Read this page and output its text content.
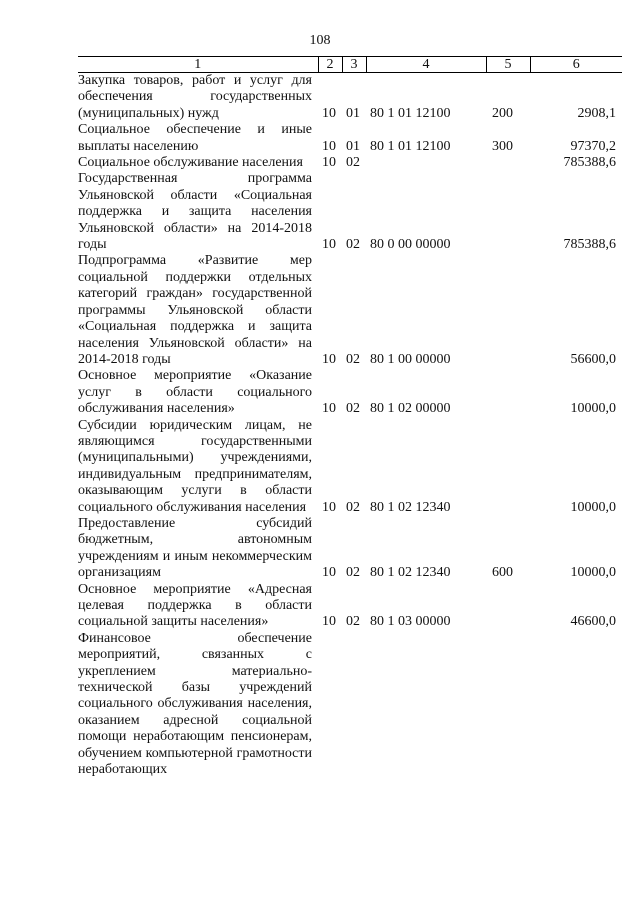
108
1	2	3	4	5	6
Закупка товаров, работ и услуг для обеспечения государственных (муниципальных) нужд	10	01	80 1 01 12100	200	2908,1
Социальное обеспечение и иные выплаты населению	10	01	80 1 01 12100	300	97370,2
Социальное обслуживание населения	10	02			785388,6
Государственная программа Ульяновской области «Социальная поддержка и защита населения Ульяновской области» на 2014-2018 годы	10	02	80 0 00 00000		785388,6
Подпрограмма «Развитие мер социальной поддержки отдельных категорий граждан» государственной программы Ульяновской области «Социальная поддержка и защита населения Ульяновской области» на 2014-2018 годы	10	02	80 1 00 00000		56600,0
Основное мероприятие «Оказание услуг в области социального обслуживания населения»	10	02	80 1 02 00000		10000,0
Субсидии юридическим лицам, не являющимся государственными (муниципальными) учреждениями, индивидуальным предпринимателям, оказывающим услуги в области социального обслуживания населения	10	02	80 1 02 12340		10000,0
Предоставление субсидий бюджетным, автономным учреждениям и иным некоммерческим организациям	10	02	80 1 02 12340	600	10000,0
Основное мероприятие «Адресная целевая поддержка в области социальной защиты населения»	10	02	80 1 03 00000		46600,0
Финансовое обеспечение мероприятий, связанных с укреплением материально-технической базы учреждений социального обслуживания населения, оказанием адресной социальной помощи неработающим пенсионерам, обучением компьютерной грамотности неработающих					
